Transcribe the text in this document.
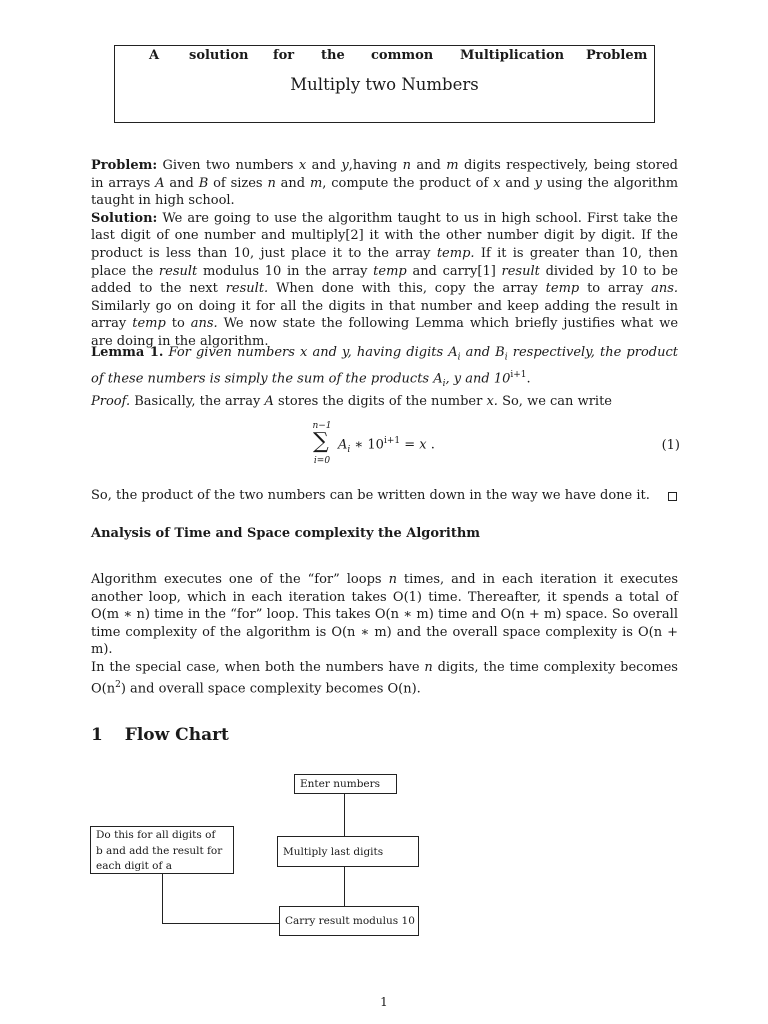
A solution for the common Multiplication Problem
Multiply two Numbers
Problem: Given two numbers x and y,having n and m digits respectively, being stored in arrays A and B of sizes n and m, compute the product of x and y using the algorithm taught in high school.
Solution: We are going to use the algorithm taught to us in high school. First take the last digit of one number and multiply[2] it with the other number digit by digit. If the product is less than 10, just place it to the array temp. If it is greater than 10, then place the result modulus 10 in the array temp and carry[1] result divided by 10 to be added to the next result. When done with this, copy the array temp to array ans. Similarly go on doing it for all the digits in that number and keep adding the result in array temp to ans. We now state the following Lemma which briefly justifies what we are doing in the algorithm.
Lemma 1. For given numbers x and y, having digits $A_i$ and $B_i$ respectively, the product of these numbers is simply the sum of the products $A_i$, y and $10^{i+1}$.
Proof. Basically, the array A stores the digits of the number x. So, we can write
n−1
∑
i=0
$A_i$ ∗ $10^{i+1} = x$ .	(1)
So, the product of the two numbers can be written down in the way we have done it.
Analysis of Time and Space complexity the Algorithm
Algorithm executes one of the “for” loops n times, and in each iteration it executes another loop, which in each iteration takes O(1) time. Thereafter, it spends a total of O(m ∗ n) time in the “for” loop. This takes O(n ∗ m) time and O(n + m) space. So overall time complexity of the algorithm is O(n ∗ m) and the overall space complexity is O(n + m).
In the special case, when both the numbers have n digits, the time complexity becomes $O(n^2)$ and overall space complexity becomes O(n).
1 Flow Chart
Enter numbers
Multiply last digits
Carry result modulus 10
Do this for all digits of
b and add the result for
each digit of a
1
